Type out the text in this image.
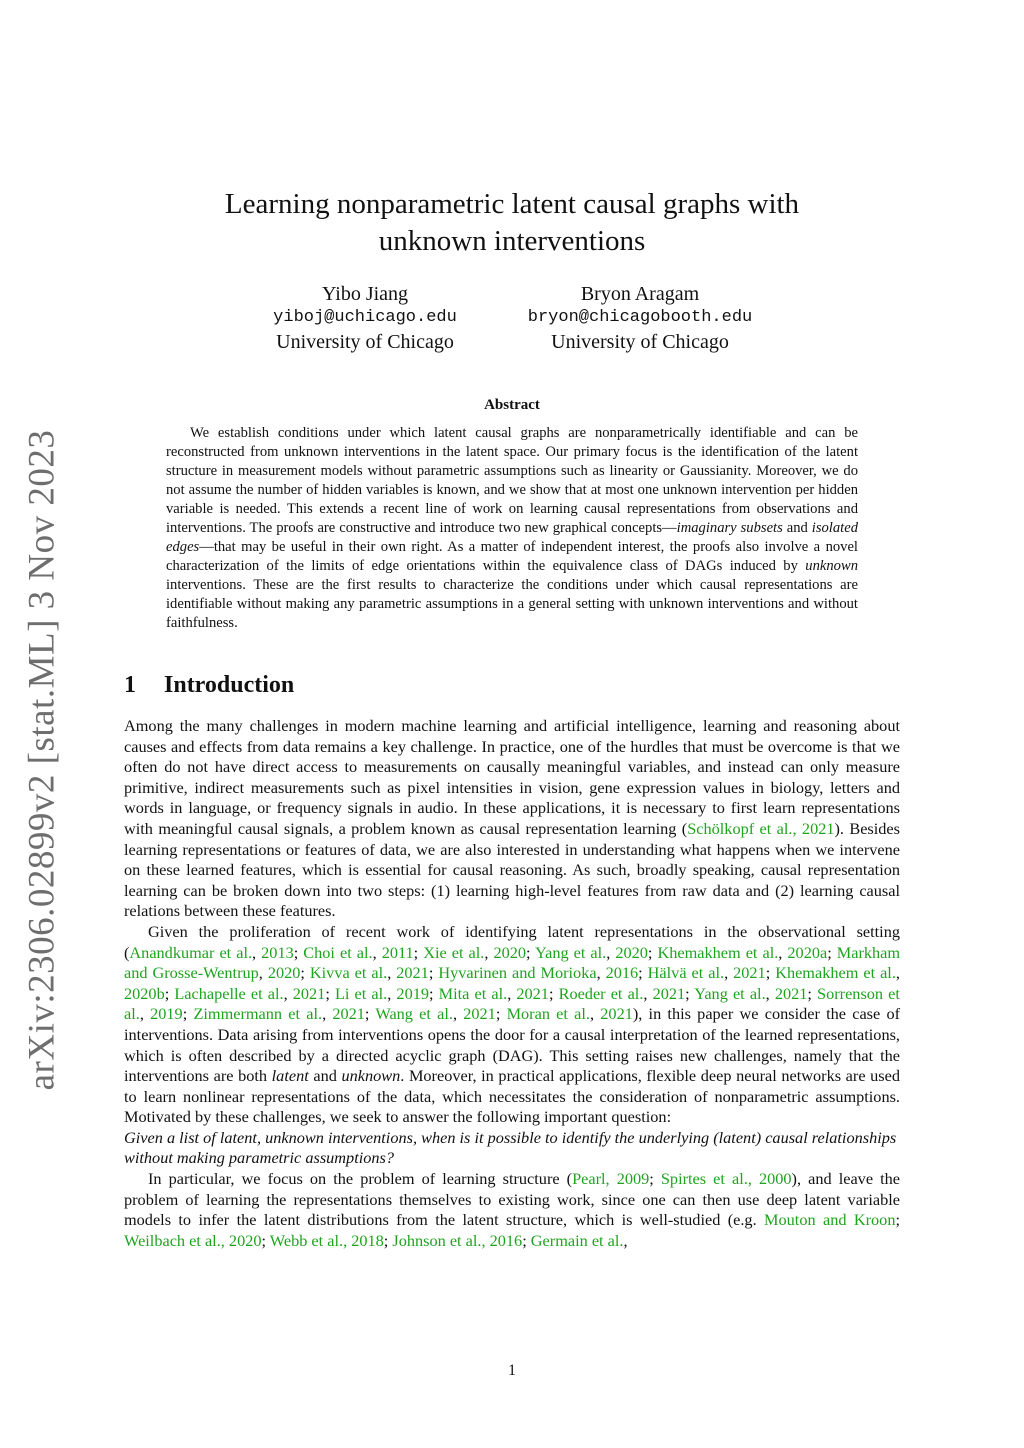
arXiv:2306.02899v2 [stat.ML] 3 Nov 2023
Learning nonparametric latent causal graphs with
unknown interventions
Yibo Jiang
yiboj@uchicago.edu
University of Chicago
Bryon Aragam
bryon@chicagobooth.edu
University of Chicago
Abstract

We establish conditions under which latent causal graphs are nonparametrically identifiable and can be reconstructed from unknown interventions in the latent space. Our primary focus is the identification of the latent structure in measurement models without parametric assumptions such as linearity or Gaussianity. Moreover, we do not assume the number of hidden variables is known, and we show that at most one unknown intervention per hidden variable is needed. This extends a recent line of work on learning causal representations from observations and interventions. The proofs are constructive and introduce two new graphical concepts—imaginary subsets and isolated edges—that may be useful in their own right. As a matter of independent interest, the proofs also involve a novel characterization of the limits of edge orientations within the equivalence class of DAGs induced by unknown interventions. These are the first results to characterize the conditions under which causal representations are identifiable without making any parametric assumptions in a general setting with unknown interventions and without faithfulness.

1 Introduction

Among the many challenges in modern machine learning and artificial intelligence, learning and reasoning about causes and effects from data remains a key challenge. In practice, one of the hurdles that must be overcome is that we often do not have direct access to measurements on causally meaningful variables, and instead can only measure primitive, indirect measurements such as pixel intensities in vision, gene expression values in biology, letters and words in language, or frequency signals in audio. In these applications, it is necessary to first learn representations with meaningful causal signals, a problem known as causal representation learning (Schölkopf et al., 2021). Besides learning representations or features of data, we are also interested in understanding what happens when we intervene on these learned features, which is essential for causal reasoning. As such, broadly speaking, causal representation learning can be broken down into two steps: (1) learning high-level features from raw data and (2) learning causal relations between these features.

Given the proliferation of recent work of identifying latent representations in the observational setting (Anandkumar et al., 2013; Choi et al., 2011; Xie et al., 2020; Yang et al., 2020; Khemakhem et al., 2020a; Markham and Grosse-Wentrup, 2020; Kivva et al., 2021; Hyvarinen and Morioka, 2016; Hälvä et al., 2021; Khemakhem et al., 2020b; Lachapelle et al., 2021; Li et al., 2019; Mita et al., 2021; Roeder et al., 2021; Yang et al., 2021; Sorrenson et al., 2019; Zimmermann et al., 2021; Wang et al., 2021; Moran et al., 2021), in this paper we consider the case of interventions. Data arising from interventions opens the door for a causal interpretation of the learned representations, which is often described by a directed acyclic graph (DAG). This setting raises new challenges, namely that the interventions are both latent and unknown. Moreover, in practical applications, flexible deep neural networks are used to learn nonlinear representations of the data, which necessitates the consideration of nonparametric assumptions. Motivated by these challenges, we seek to answer the following important question:

Given a list of latent, unknown interventions, when is it possible to identify the underlying (latent) causal relationships without making parametric assumptions?

In particular, we focus on the problem of learning structure (Pearl, 2009; Spirtes et al., 2000), and leave the problem of learning the representations themselves to existing work, since one can then use deep latent variable models to infer the latent distributions from the latent structure, which is well-studied (e.g. Mouton and Kroon; Weilbach et al., 2020; Webb et al., 2018; Johnson et al., 2016; Germain et al.,

1
